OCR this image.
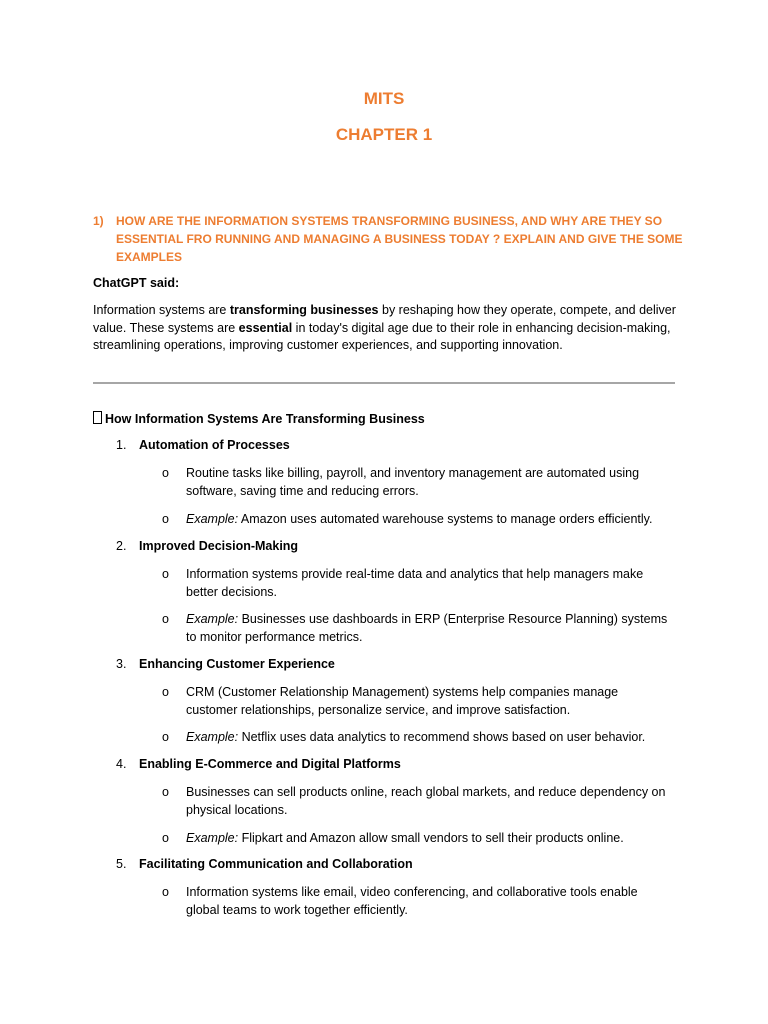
MITS
CHAPTER 1
1) HOW ARE THE INFORMATION SYSTEMS TRANSFORMING BUSINESS, AND WHY ARE THEY SO
ESSENTIAL FRO RUNNING AND MANAGING A BUSINESS TODAY ? EXPLAIN AND GIVE THE SOME
EXAMPLES
ChatGPT said:

Information systems are transforming businesses by reshaping how they operate, compete, and deliver value. These systems are essential in today's digital age due to their role in enhancing decision-making, streamlining operations, improving customer experiences, and supporting innovation.

How Information Systems Are Transforming Business
1. Automation of Processes
o Routine tasks like billing, payroll, and inventory management are automated using software, saving time and reducing errors.
o Example: Amazon uses automated warehouse systems to manage orders efficiently.
2. Improved Decision-Making
o Information systems provide real-time data and analytics that help managers make better decisions.
o Example: Businesses use dashboards in ERP (Enterprise Resource Planning) systems to monitor performance metrics.
3. Enhancing Customer Experience
o CRM (Customer Relationship Management) systems help companies manage customer relationships, personalize service, and improve satisfaction.
o Example: Netflix uses data analytics to recommend shows based on user behavior.
4. Enabling E-Commerce and Digital Platforms
o Businesses can sell products online, reach global markets, and reduce dependency on physical locations.
o Example: Flipkart and Amazon allow small vendors to sell their products online.
5. Facilitating Communication and Collaboration
o Information systems like email, video conferencing, and collaborative tools enable global teams to work together efficiently.
